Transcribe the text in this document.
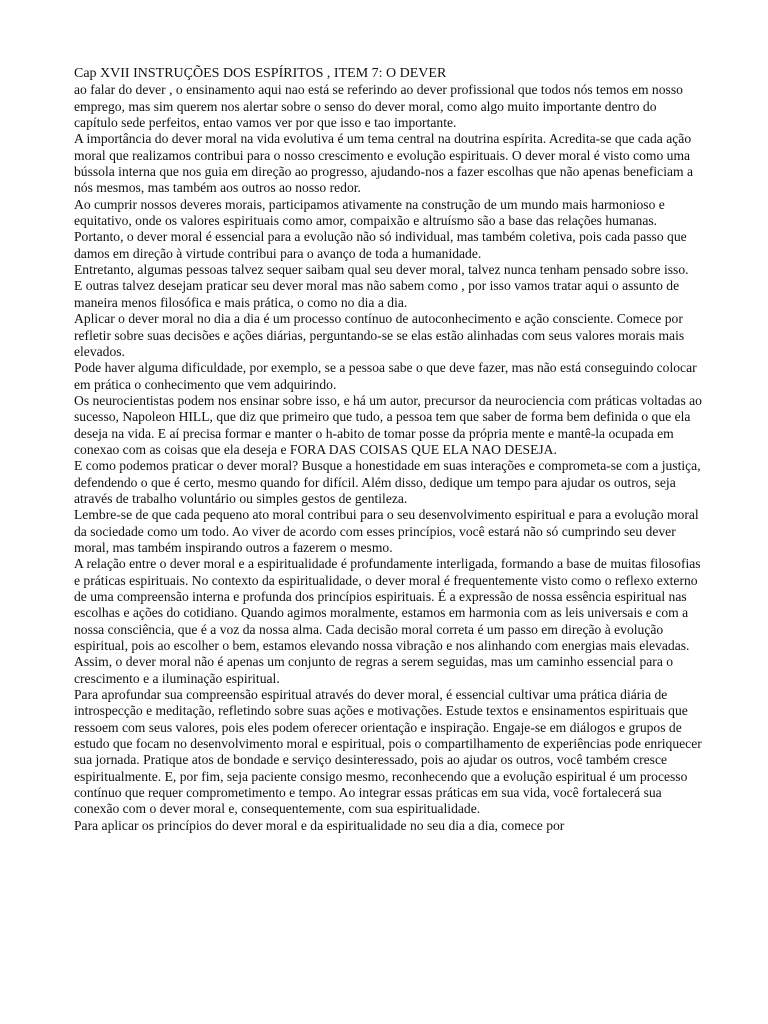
Cap XVII INSTRUÇÕES DOS ESPÍRITOS , ITEM 7: O DEVER

ao falar do dever , o ensinamento aqui nao está se referindo ao dever profissional que todos nós temos em nosso emprego, mas sim querem nos alertar sobre o senso do dever moral, como algo muito importante dentro do capítulo sede perfeitos, entao vamos ver por que isso e tao importante.

A importância do dever moral na vida evolutiva é um tema central na doutrina espírita. Acredita-se que cada ação moral que realizamos contribui para o nosso crescimento e evolução espirituais. O dever moral é visto como uma bússola interna que nos guia em direção ao progresso, ajudando-nos a fazer escolhas que não apenas beneficiam a nós mesmos, mas também aos outros ao nosso redor.

Ao cumprir nossos deveres morais, participamos ativamente na construção de um mundo mais harmonioso e equitativo, onde os valores espirituais como amor, compaixão e altruísmo são a base das relações humanas. Portanto, o dever moral é essencial para a evolução não só individual, mas também coletiva, pois cada passo que damos em direção à virtude contribui para o avanço de toda a humanidade.

Entretanto, algumas pessoas talvez sequer saibam qual seu dever moral, talvez nunca tenham pensado sobre isso.

E outras talvez desejam praticar seu dever moral mas não sabem como , por isso vamos tratar aqui o assunto de maneira menos filosófica e mais prática, o como no dia a dia.

Aplicar o dever moral no dia a dia é um processo contínuo de autoconhecimento e ação consciente. Comece por refletir sobre suas decisões e ações diárias, perguntando-se se elas estão alinhadas com seus valores morais mais elevados.

Pode haver alguma dificuldade, por exemplo, se a pessoa sabe o que deve fazer, mas não está conseguindo colocar em prática o conhecimento que vem adquirindo.

Os neurocientistas podem nos ensinar sobre isso, e há um autor, precursor da neurociencia com práticas voltadas ao sucesso, Napoleon HILL, que diz que primeiro que tudo, a pessoa tem que saber de forma bem definida o que ela deseja na vida. E aí precisa formar e manter o h-abito de tomar posse da própria mente e mantê-la ocupada em conexao com as coisas que ela deseja e FORA DAS COISAS QUE ELA NAO DESEJA.

E como podemos praticar o dever moral? Busque a honestidade em suas interações e comprometa-se com a justiça, defendendo o que é certo, mesmo quando for difícil. Além disso, dedique um tempo para ajudar os outros, seja através de trabalho voluntário ou simples gestos de gentileza.

Lembre-se de que cada pequeno ato moral contribui para o seu desenvolvimento espiritual e para a evolução moral da sociedade como um todo. Ao viver de acordo com esses princípios, você estará não só cumprindo seu dever moral, mas também inspirando outros a fazerem o mesmo.

A relação entre o dever moral e a espiritualidade é profundamente interligada, formando a base de muitas filosofias e práticas espirituais. No contexto da espiritualidade, o dever moral é frequentemente visto como o reflexo externo de uma compreensão interna e profunda dos princípios espirituais. É a expressão de nossa essência espiritual nas escolhas e ações do cotidiano. Quando agimos moralmente, estamos em harmonia com as leis universais e com a nossa consciência, que é a voz da nossa alma. Cada decisão moral correta é um passo em direção à evolução espiritual, pois ao escolher o bem, estamos elevando nossa vibração e nos alinhando com energias mais elevadas. Assim, o dever moral não é apenas um conjunto de regras a serem seguidas, mas um caminho essencial para o crescimento e a iluminação espiritual.

Para aprofundar sua compreensão espiritual através do dever moral, é essencial cultivar uma prática diária de introspecção e meditação, refletindo sobre suas ações e motivações. Estude textos e ensinamentos espirituais que ressoem com seus valores, pois eles podem oferecer orientação e inspiração. Engaje-se em diálogos e grupos de estudo que focam no desenvolvimento moral e espiritual, pois o compartilhamento de experiências pode enriquecer sua jornada. Pratique atos de bondade e serviço desinteressado, pois ao ajudar os outros, você também cresce espiritualmente. E, por fim, seja paciente consigo mesmo, reconhecendo que a evolução espiritual é um processo contínuo que requer comprometimento e tempo. Ao integrar essas práticas em sua vida, você fortalecerá sua conexão com o dever moral e, consequentemente, com sua espiritualidade.

Para aplicar os princípios do dever moral e da espiritualidade no seu dia a dia, comece por
